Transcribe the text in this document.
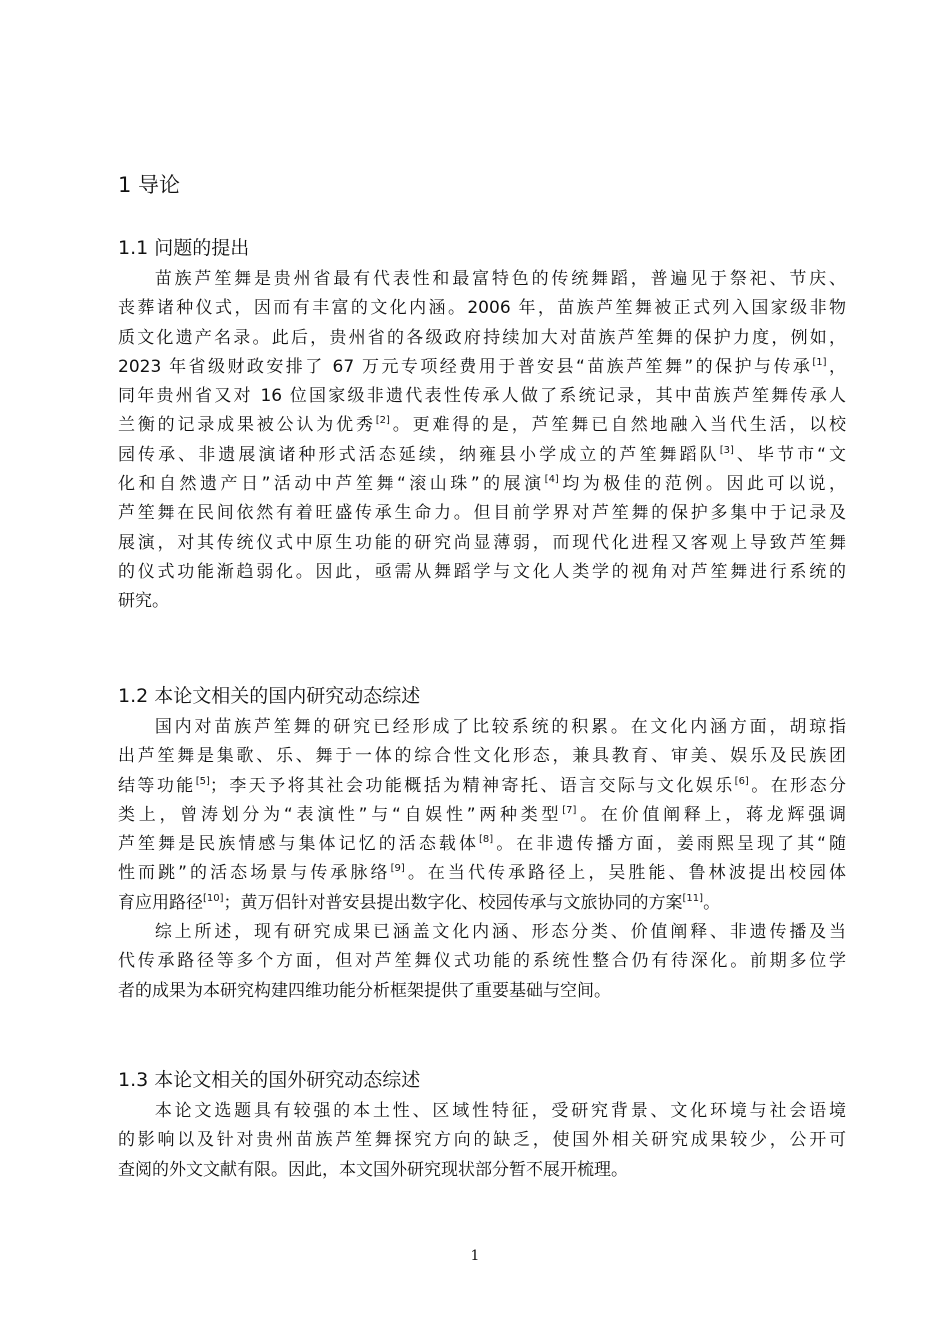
1 导论
1.1 问题的提出
苗族芦笙舞是贵州省最有代表性和最富特色的传统舞蹈，普遍见于祭祀、节庆、
丧葬诸种仪式，因而有丰富的文化内涵。2006 年，苗族芦笙舞被正式列入国家级非物
质文化遗产名录。此后，贵州省的各级政府持续加大对苗族芦笙舞的保护力度，例如，
2023 年省级财政安排了 67 万元专项经费用于普安县“苗族芦笙舞”的保护与传承[1]，
同年贵州省又对 16 位国家级非遗代表性传承人做了系统记录，其中苗族芦笙舞传承人
兰衡的记录成果被公认为优秀[2]。更难得的是，芦笙舞已自然地融入当代生活，以校
园传承、非遗展演诸种形式活态延续，纳雍县小学成立的芦笙舞蹈队[3]、毕节市“文
化和自然遗产日”活动中芦笙舞“滚山珠”的展演[4]均为极佳的范例。因此可以说，
芦笙舞在民间依然有着旺盛传承生命力。但目前学界对芦笙舞的保护多集中于记录及
展演，对其传统仪式中原生功能的研究尚显薄弱，而现代化进程又客观上导致芦笙舞
的仪式功能渐趋弱化。因此，亟需从舞蹈学与文化人类学的视角对芦笙舞进行系统的
研究。
1.2 本论文相关的国内研究动态综述
国内对苗族芦笙舞的研究已经形成了比较系统的积累。在文化内涵方面，胡琼指
出芦笙舞是集歌、乐、舞于一体的综合性文化形态，兼具教育、审美、娱乐及民族团
结等功能[5]；李天予将其社会功能概括为精神寄托、语言交际与文化娱乐[6]。在形态分
类上，曾涛划分为“表演性”与“自娱性”两种类型[7]。在价值阐释上，蒋龙辉强调
芦笙舞是民族情感与集体记忆的活态载体[8]。在非遗传播方面，姜雨熙呈现了其“随
性而跳”的活态场景与传承脉络[9]。在当代传承路径上，吴胜能、鲁林波提出校园体
育应用路径[10]；黄万侣针对普安县提出数字化、校园传承与文旅协同的方案[11]。
综上所述，现有研究成果已涵盖文化内涵、形态分类、价值阐释、非遗传播及当
代传承路径等多个方面，但对芦笙舞仪式功能的系统性整合仍有待深化。前期多位学
者的成果为本研究构建四维功能分析框架提供了重要基础与空间。
1.3 本论文相关的国外研究动态综述
本论文选题具有较强的本土性、区域性特征，受研究背景、文化环境与社会语境
的影响以及针对贵州苗族芦笙舞探究方向的缺乏，使国外相关研究成果较少，公开可
查阅的外文文献有限。因此，本文国外研究现状部分暂不展开梳理。
1
